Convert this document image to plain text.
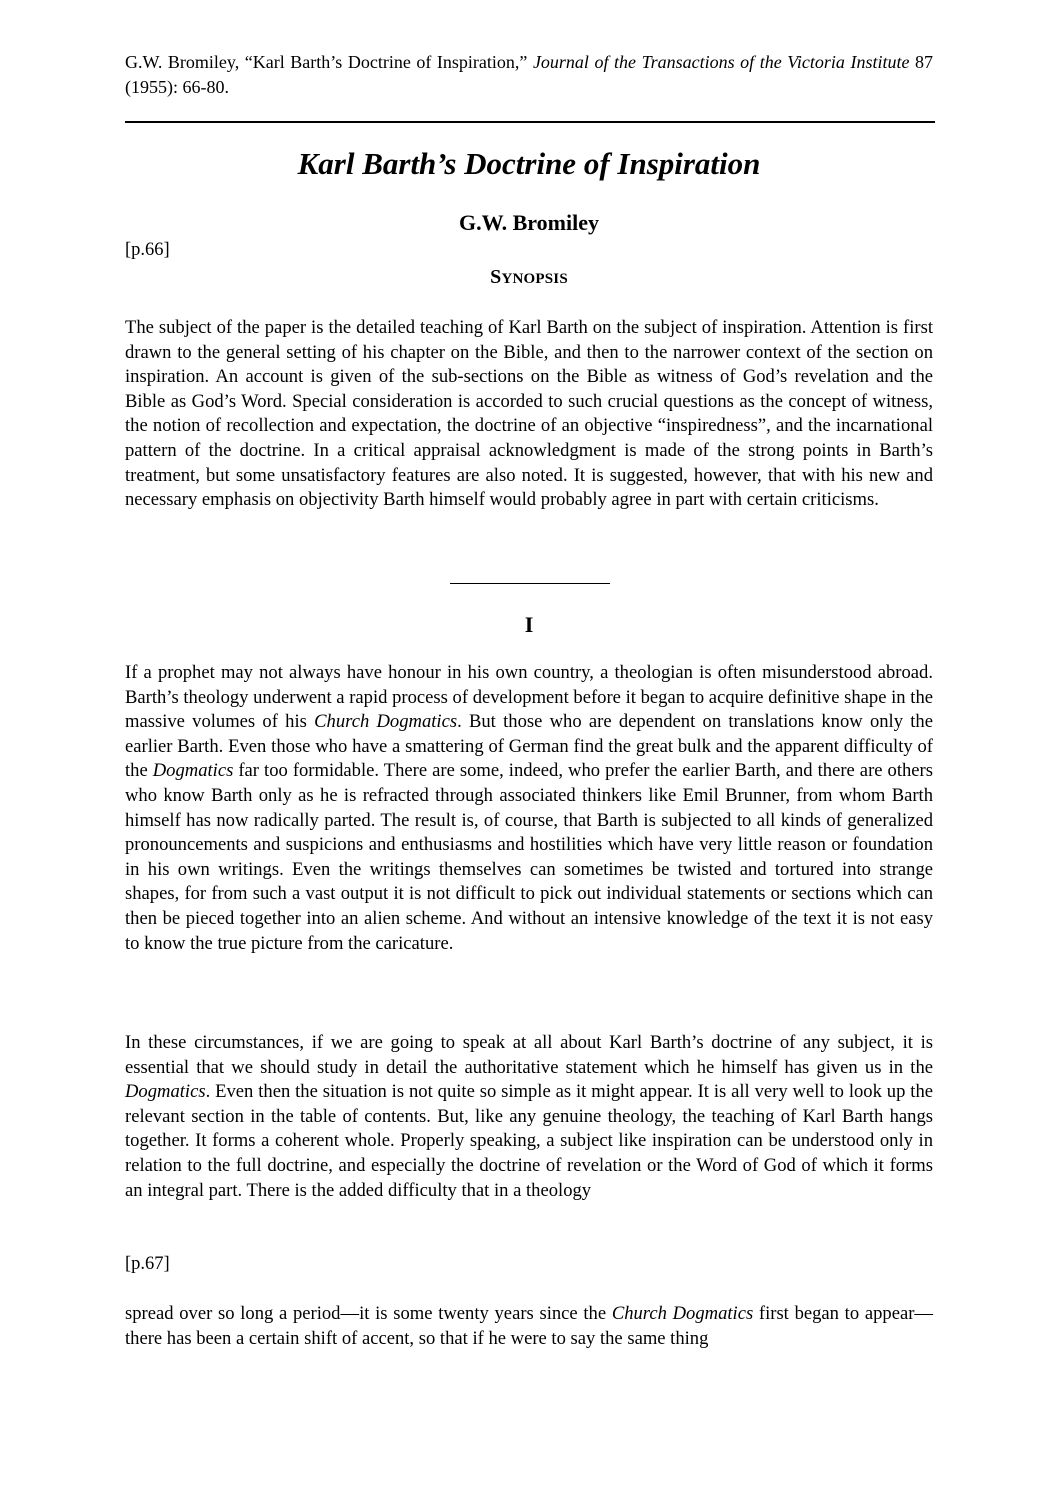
G.W. Bromiley, “Karl Barth’s Doctrine of Inspiration,” Journal of the Transactions of the Victoria Institute 87 (1955): 66-80.
Karl Barth’s Doctrine of Inspiration
G.W. Bromiley
[p.66]
SYNOPSIS
The subject of the paper is the detailed teaching of Karl Barth on the subject of inspiration. Attention is first drawn to the general setting of his chapter on the Bible, and then to the narrower context of the section on inspiration. An account is given of the sub-sections on the Bible as witness of God’s revelation and the Bible as God’s Word. Special consideration is accorded to such crucial questions as the concept of witness, the notion of recollection and expectation, the doctrine of an objective “inspiredness”, and the incarnational pattern of the doctrine. In a critical appraisal acknowledgment is made of the strong points in Barth’s treatment, but some unsatisfactory features are also noted. It is suggested, however, that with his new and necessary emphasis on objectivity Barth himself would probably agree in part with certain criticisms.
I
If a prophet may not always have honour in his own country, a theologian is often misunderstood abroad. Barth’s theology underwent a rapid process of development before it began to acquire definitive shape in the massive volumes of his Church Dogmatics. But those who are dependent on translations know only the earlier Barth. Even those who have a smattering of German find the great bulk and the apparent difficulty of the Dogmatics far too formidable. There are some, indeed, who prefer the earlier Barth, and there are others who know Barth only as he is refracted through associated thinkers like Emil Brunner, from whom Barth himself has now radically parted. The result is, of course, that Barth is subjected to all kinds of generalized pronouncements and suspicions and enthusiasms and hostilities which have very little reason or foundation in his own writings. Even the writings themselves can sometimes be twisted and tortured into strange shapes, for from such a vast output it is not difficult to pick out individual statements or sections which can then be pieced together into an alien scheme. And without an intensive knowledge of the text it is not easy to know the true picture from the caricature.
In these circumstances, if we are going to speak at all about Karl Barth’s doctrine of any subject, it is essential that we should study in detail the authoritative statement which he himself has given us in the Dogmatics. Even then the situation is not quite so simple as it might appear. It is all very well to look up the relevant section in the table of contents. But, like any genuine theology, the teaching of Karl Barth hangs together. It forms a coherent whole. Properly speaking, a subject like inspiration can be understood only in relation to the full doctrine, and especially the doctrine of revelation or the Word of God of which it forms an integral part. There is the added difficulty that in a theology
[p.67]
spread over so long a period—it is some twenty years since the Church Dogmatics first began to appear—there has been a certain shift of accent, so that if he were to say the same thing
